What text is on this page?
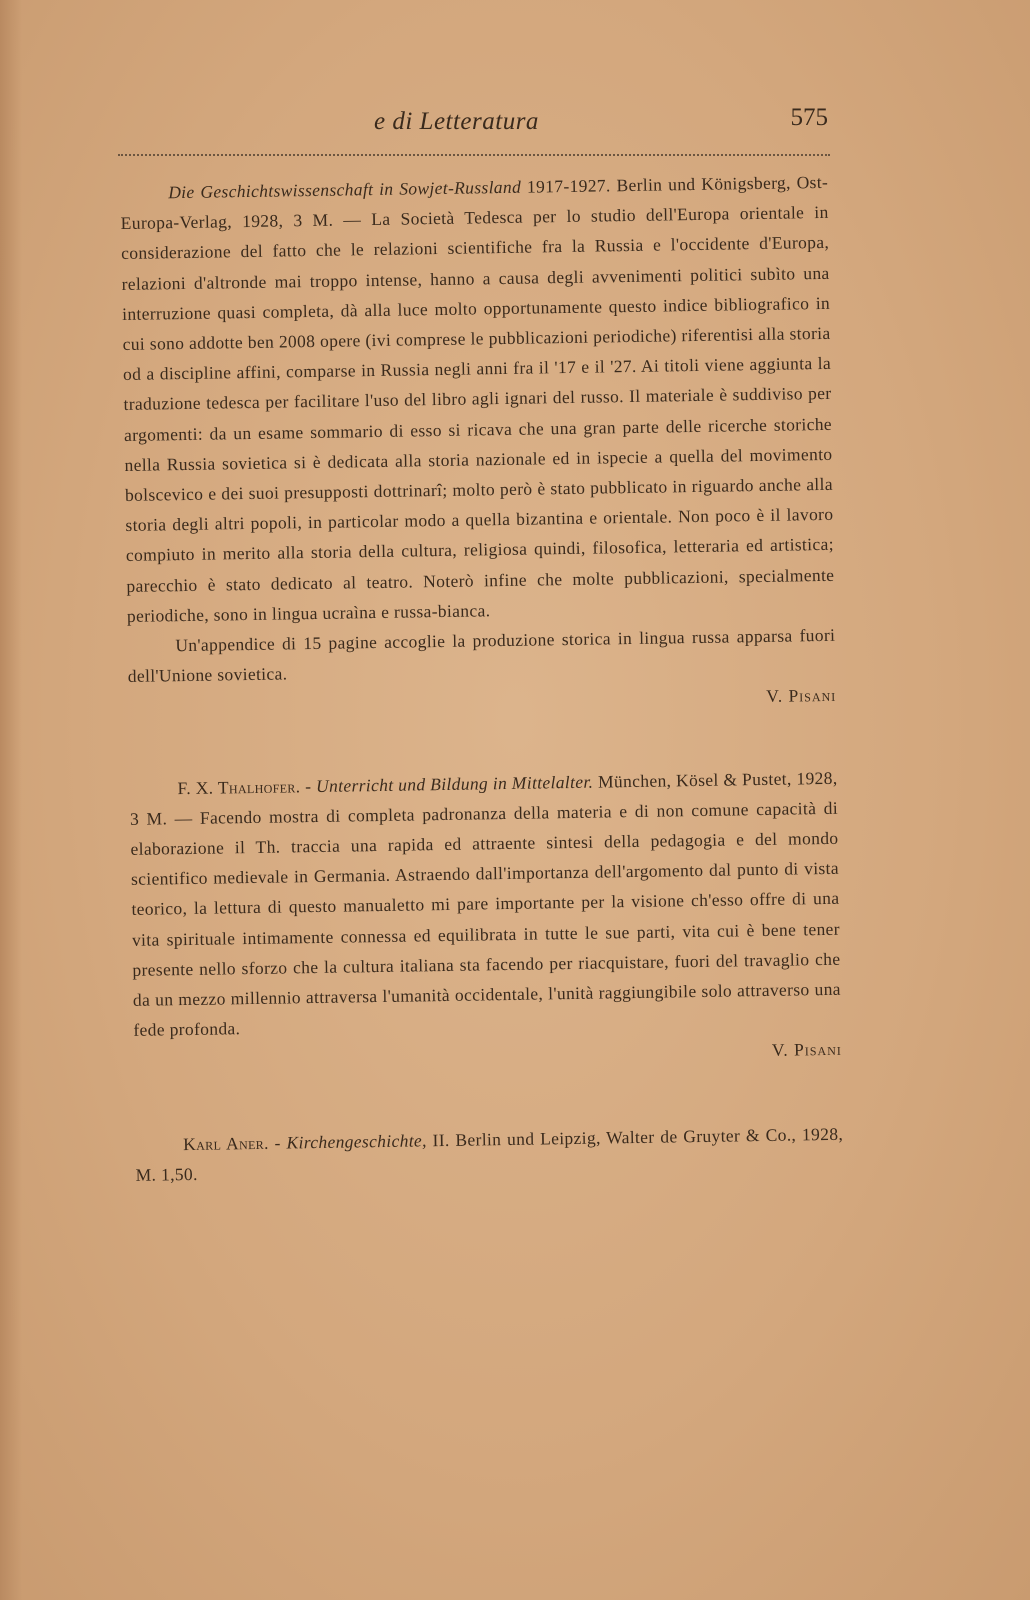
e di Letteratura	575

Die Geschichtswissenschaft in Sowjet-Russland 1917-1927. Berlin und Königsberg, Ost-Europa-Verlag, 1928, 3 M. — La Società Tedesca per lo studio dell'Europa orientale in considerazione del fatto che le relazioni scientifiche fra la Russia e l'occidente d'Europa, relazioni d'altronde mai troppo intense, hanno a causa degli avvenimenti politici subìto una interruzione quasi completa, dà alla luce molto opportunamente questo indice bibliografico in cui sono addotte ben 2008 opere (ivi comprese le pubblicazioni periodiche) riferentisi alla storia od a discipline affini, comparse in Russia negli anni fra il '17 e il '27. Ai titoli viene aggiunta la traduzione tedesca per facilitare l'uso del libro agli ignari del russo. Il materiale è suddiviso per argomenti: da un esame sommario di esso si ricava che una gran parte delle ricerche storiche nella Russia sovietica si è dedicata alla storia nazionale ed in ispecie a quella del movimento bolscevico e dei suoi presupposti dottrinarî; molto però è stato pubblicato in riguardo anche alla storia degli altri popoli, in particolar modo a quella bizantina e orientale. Non poco è il lavoro compiuto in merito alla storia della cultura, religiosa quindi, filosofica, letteraria ed artistica; parecchio è stato dedicato al teatro. Noterò infine che molte pubblicazioni, specialmente periodiche, sono in lingua ucraìna e russa-bianca.

Un'appendice di 15 pagine accoglie la produzione storica in lingua russa apparsa fuori dell'Unione sovietica.

V. Pisani

F. X. Thalhofer. - Unterricht und Bildung in Mittelalter. München, Kösel & Pustet, 1928, 3 M. — Facendo mostra di completa padronanza della materia e di non comune capacità di elaborazione il Th. traccia una rapida ed attraente sintesi della pedagogia e del mondo scientifico medievale in Germania. Astraendo dall'importanza dell'argomento dal punto di vista teorico, la lettura di questo manualetto mi pare importante per la visione ch'esso offre di una vita spirituale intimamente connessa ed equilibrata in tutte le sue parti, vita cui è bene tener presente nello sforzo che la cultura italiana sta facendo per riacquistare, fuori del travaglio che da un mezzo millennio attraversa l'umanità occidentale, l'unità raggiungibile solo attraverso una fede profonda.

V. Pisani

Karl Aner. - Kirchengeschichte, II. Berlin und Leipzig, Walter de Gruyter & Co., 1928, M. 1,50.
